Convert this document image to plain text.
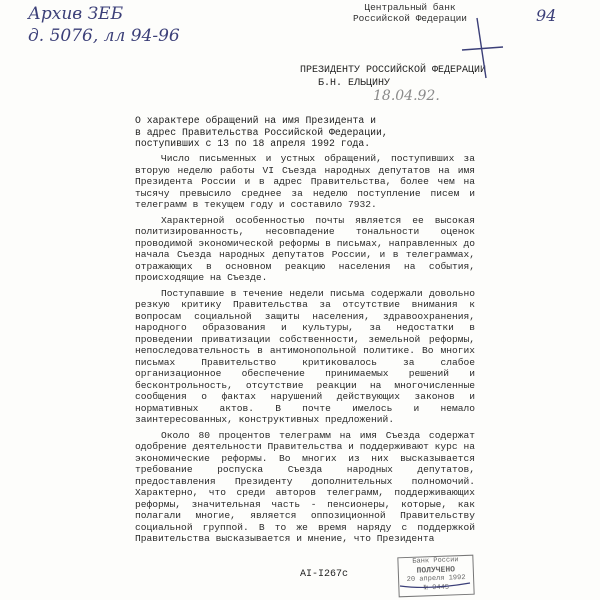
Архив ЗЕБ
д. 5076, лл 94-96
94
18.04.92.
Центральный банк
Российской Федерации
ПРЕЗИДЕНТУ РОССИЙСКОЙ ФЕДЕРАЦИИ
Б.Н. ЕЛЬЦИНУ
О характере обращений на имя Президента и
в адрес Правительства Российской Федерации,
поступивших с 13 по 18 апреля 1992 года.

Число письменных и устных обращений, поступивших за вторую неделю работы VI Съезда народных депутатов на имя Президента России и в адрес Правительства, более чем на тысячу превысило среднее за неделю поступление писем и телеграмм в текущем году и составило 7932.

Характерной особенностью почты является ее высокая политизированность, несовпадение тональности оценок проводимой экономической реформы в письмах, направленных до начала Съезда народных депутатов России, и в телеграммах, отражающих в основном реакцию населения на события, происходящие на Съезде.

Поступавшие в течение недели письма содержали довольно резкую критику Правительства за отсутствие внимания к вопросам социальной защиты населения, здравоохранения, народного образования и культуры, за недостатки в проведении приватизации собственности, земельной реформы, непоследовательность в антимонопольной политике. Во многих письмах Правительство критиковалось за слабое организационное обеспечение принимаемых решений и бесконтрольность, отсутствие реакции на многочисленные сообщения о фактах нарушений действующих законов и нормативных актов. В почте имелось и немало заинтересованных, конструктивных предложений.

Около 80 процентов телеграмм на имя Съезда содержат одобрение деятельности Правительства и поддерживают курс на экономические реформы. Во многих из них высказывается требование роспуска Съезда народных депутатов, предоставления Президенту дополнительных полномочий. Характерно, что среди авторов телеграмм, поддерживающих реформы, значительная часть - пенсионеры, которые, как полагали многие, является оппозиционной Правительству социальной группой. В то же время наряду с поддержкой Правительства высказывается и мнение, что Президента

АІ-І267с
Банк России
ПОЛУЧЕНО
20 апреля 1992
№ 9445
